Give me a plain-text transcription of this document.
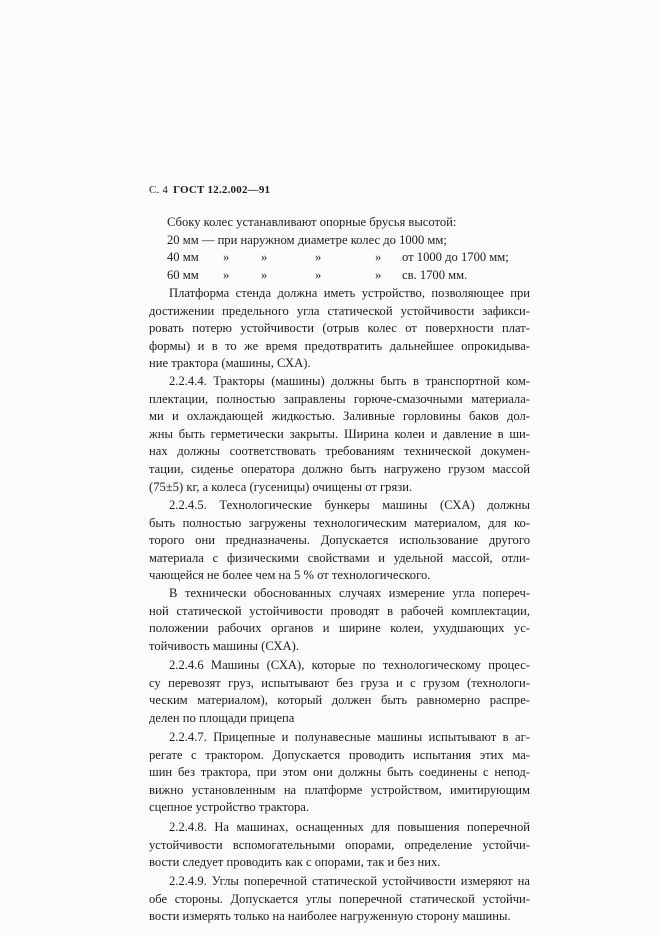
С. 4 ГОСТ 12.2.002—91
Сбоку колес устанавливают опорные брусья высотой:
20 мм — при наружном диаметре колес до 1000 мм;
40 мм »	»	»	» от 1000 до 1700 мм;
60 мм »	»	»	» св. 1700 мм.
Платформа стенда должна иметь устройство, позволяющее при
достижении предельного угла статической устойчивости зафикси-
ровать потерю устойчивости (отрыв колес от поверхности плат-
формы) и в то же время предотвратить дальнейшее опрокидыва-
ние трактора (машины, СХА).
2.2.4.4. Тракторы (машины) должны быть в транспортной ком-
плектации, полностью заправлены горюче-смазочными материала-
ми и охлаждающей жидкостью. Заливные горловины баков дол-
жны быть герметически закрыты. Ширина колеи и давление в ши-
нах должны соответствовать требованиям технической докумен-
тации, сиденье оператора должно быть нагружено грузом массой
(75±5) кг, а колеса (гусеницы) очищены от грязи.
2.2.4.5. Технологические бункеры машины (СХА) должны
быть полностью загружены технологическим материалом, для ко-
торого они предназначены. Допускается использование другого
материала с физическими свойствами и удельной массой, отли-
чающейся не более чем на 5 % от технологического.
В технически обоснованных случаях измерение угла попереч-
ной статической устойчивости проводят в рабочей комплектации,
положении рабочих органов и ширине колеи, ухудшающих ус-
тойчивость машины (СХА).
2.2.4.6 Машины (СХА), которые по технологическому процес-
су перевозят груз, испытывают без груза и с грузом (технологи-
ческим материалом), который должен быть равномерно распре-
делен по площади прицепа
2.2.4.7. Прицепные и полунавесные машины испытывают в аг-
регате с трактором. Допускается проводить испытания этих ма-
шин без трактора, при этом они должны быть соединены с непод-
вижно установленным на платформе устройством, имитирующим
сцепное устройство трактора.
2.2.4.8. На машинах, оснащенных для повышения поперечной
устойчивости вспомогательными опорами, определение устойчи-
вости следует проводить как с опорами, так и без них.
2.2.4.9. Углы поперечной статической устойчивости измеряют на
обе стороны. Допускается углы поперечной статической устойчи-
вости измерять только на наиболее нагруженную сторону машины.
